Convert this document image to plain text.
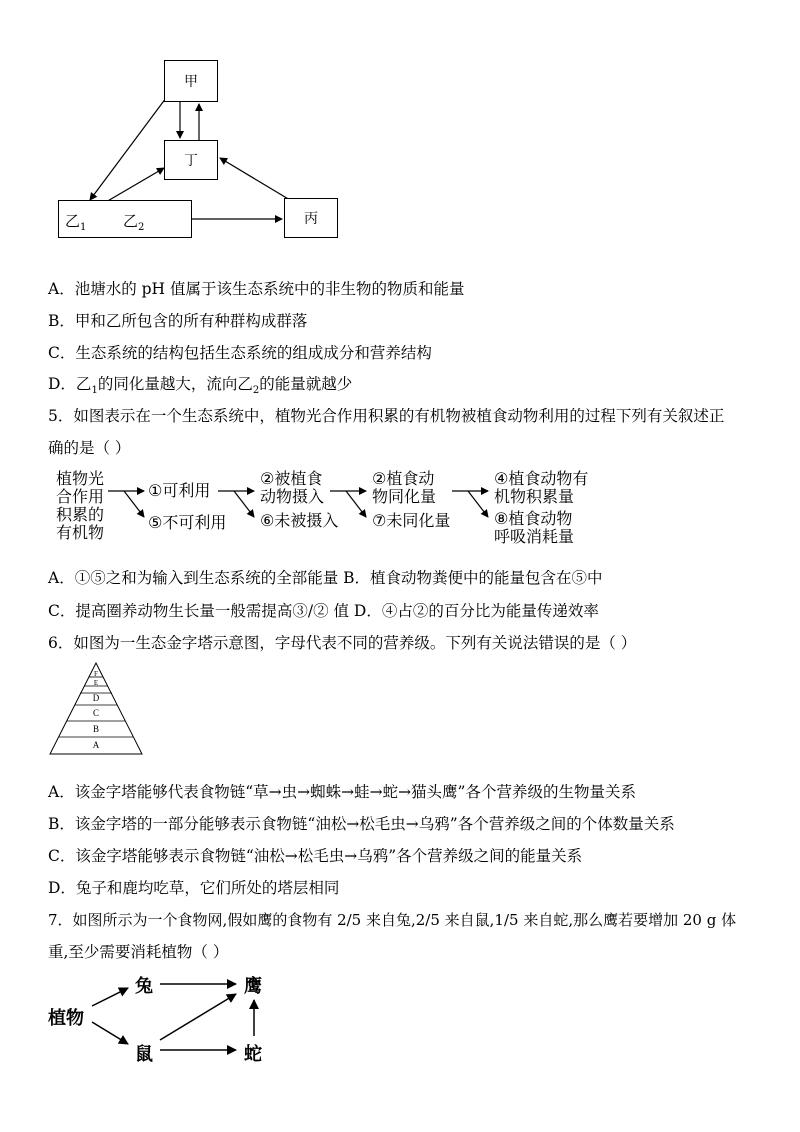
甲
丁
丙
乙$_1$ 乙$_2$
A．池塘水的 pH 值属于该生态系统中的非生物的物质和能量
B．甲和乙所包含的所有种群构成群落
C．生态系统的结构包括生态系统的组成成分和营养结构
D．乙$_1$的同化量越大，流向乙$_2$的能量就越少
5．如图表示在一个生态系统中，植物光合作用积累的有机物被植食动物利用的过程下列有关叙述正
确的是（ ）
植物光
合作用
积累的
有机物
①可利用
⑤不可利用
②被植食
动物摄入
⑥未被摄入
②植食动
物同化量
⑦未同化量
④植食动物有
机物积累量
⑧植食动物
呼吸消耗量
A．①⑤之和为输入到生态系统的全部能量 B．植食动物粪便中的能量包含在⑤中
C．提高圈养动物生长量一般需提高③/② 值 D．④占②的百分比为能量传递效率
6．如图为一生态金字塔示意图，字母代表不同的营养级。下列有关说法错误的是（ ）
F
E
D
C
B
A
A．该金字塔能够代表食物链“草→虫→蜘蛛→蛙→蛇→猫头鹰”各个营养级的生物量关系
B．该金字塔的一部分能够表示食物链“油松→松毛虫→乌鸦”各个营养级之间的个体数量关系
C．该金字塔能够表示食物链“油松→松毛虫→乌鸦”各个营养级之间的能量关系
D．兔子和鹿均吃草，它们所处的塔层相同
7．如图所示为一个食物网,假如鹰的食物有 2/5 来自兔,2/5 来自鼠,1/5 来自蛇,那么鹰若要增加 20 g 体
重,至少需要消耗植物（ ）
植物
兔
鼠
鹰
蛇
